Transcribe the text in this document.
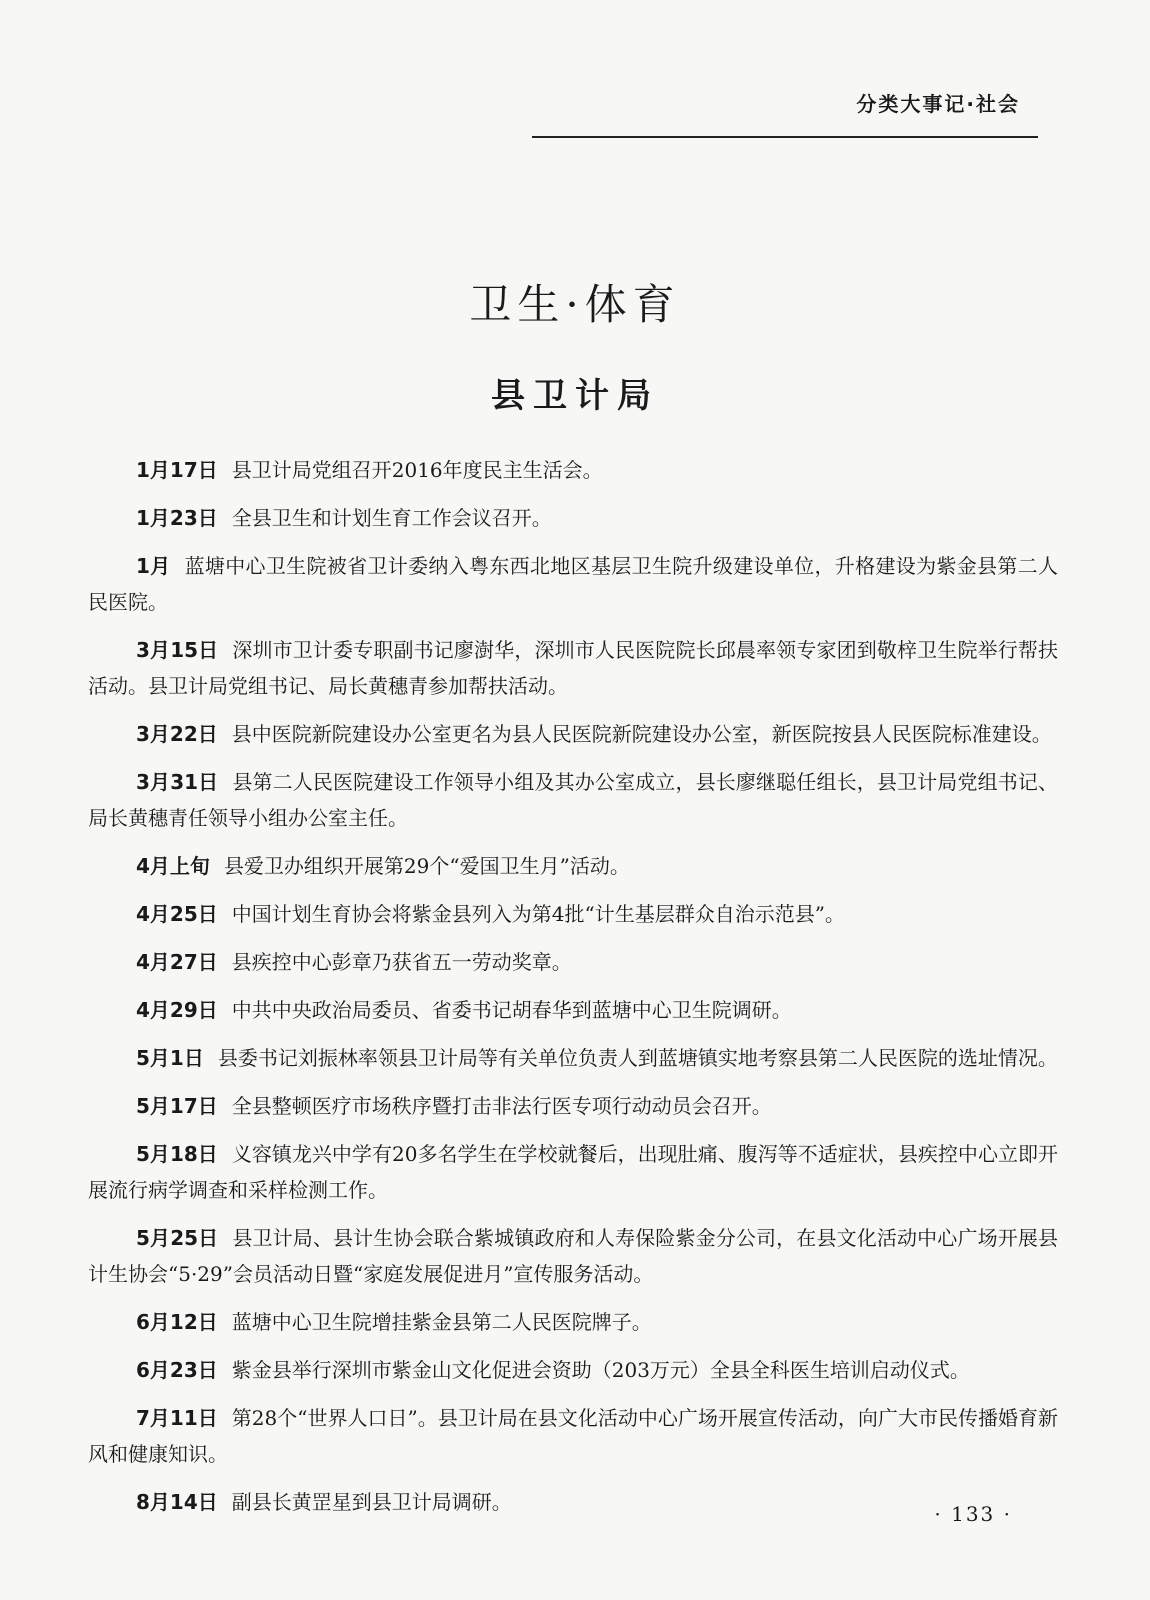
分类大事记·社会
卫生·体育
县卫计局

1月17日 县卫计局党组召开2016年度民主生活会。

1月23日 全县卫生和计划生育工作会议召开。

1月 蓝塘中心卫生院被省卫计委纳入粤东西北地区基层卫生院升级建设单位，升格建设为紫金县第二人民医院。

3月15日 深圳市卫计委专职副书记廖澍华，深圳市人民医院院长邱晨率领专家团到敬梓卫生院举行帮扶活动。县卫计局党组书记、局长黄穗青参加帮扶活动。

3月22日 县中医院新院建设办公室更名为县人民医院新院建设办公室，新医院按县人民医院标准建设。

3月31日 县第二人民医院建设工作领导小组及其办公室成立，县长廖继聪任组长，县卫计局党组书记、局长黄穗青任领导小组办公室主任。

4月上旬 县爱卫办组织开展第29个“爱国卫生月”活动。

4月25日 中国计划生育协会将紫金县列入为第4批“计生基层群众自治示范县”。

4月27日 县疾控中心彭章乃获省五一劳动奖章。

4月29日 中共中央政治局委员、省委书记胡春华到蓝塘中心卫生院调研。

5月1日 县委书记刘振林率领县卫计局等有关单位负责人到蓝塘镇实地考察县第二人民医院的选址情况。

5月17日 全县整顿医疗市场秩序暨打击非法行医专项行动动员会召开。

5月18日 义容镇龙兴中学有20多名学生在学校就餐后，出现肚痛、腹泻等不适症状，县疾控中心立即开展流行病学调查和采样检测工作。

5月25日 县卫计局、县计生协会联合紫城镇政府和人寿保险紫金分公司，在县文化活动中心广场开展县计生协会“5·29”会员活动日暨“家庭发展促进月”宣传服务活动。

6月12日 蓝塘中心卫生院增挂紫金县第二人民医院牌子。

6月23日 紫金县举行深圳市紫金山文化促进会资助（203万元）全县全科医生培训启动仪式。

7月11日 第28个“世界人口日”。县卫计局在县文化活动中心广场开展宣传活动，向广大市民传播婚育新风和健康知识。

8月14日 副县长黄罡星到县卫计局调研。	· 133 ·
